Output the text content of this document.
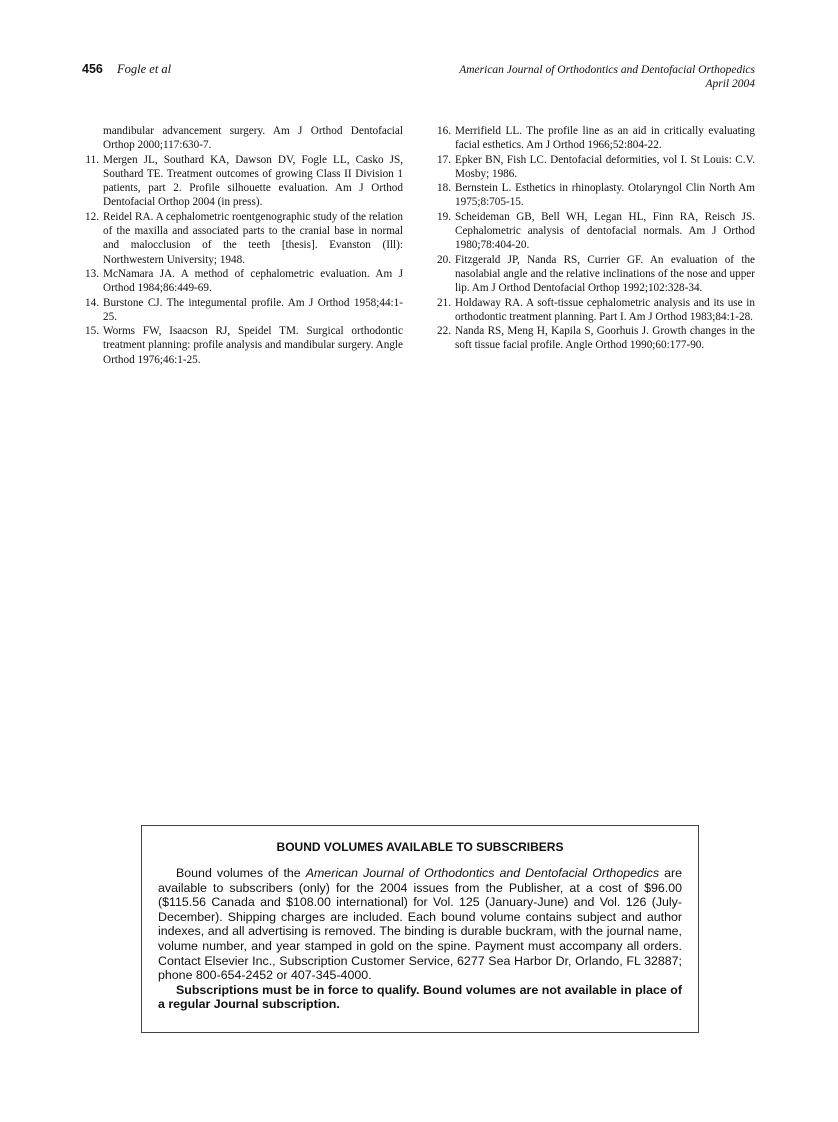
456 Fogle et al	American Journal of Orthodontics and Dentofacial Orthopedics
April 2004

mandibular advancement surgery. Am J Orthod Dentofacial Orthop 2000;117:630-7.

11. Mergen JL, Southard KA, Dawson DV, Fogle LL, Casko JS, Southard TE. Treatment outcomes of growing Class II Division 1 patients, part 2. Profile silhouette evaluation. Am J Orthod Dentofacial Orthop 2004 (in press).

12. Reidel RA. A cephalometric roentgenographic study of the relation of the maxilla and associated parts to the cranial base in normal and malocclusion of the teeth [thesis]. Evanston (Ill): Northwestern University; 1948.

13. McNamara JA. A method of cephalometric evaluation. Am J Orthod 1984;86:449-69.

14. Burstone CJ. The integumental profile. Am J Orthod 1958;44:1-25.

15. Worms FW, Isaacson RJ, Speidel TM. Surgical orthodontic treatment planning: profile analysis and mandibular surgery. Angle Orthod 1976;46:1-25.

16. Merrifield LL. The profile line as an aid in critically evaluating facial esthetics. Am J Orthod 1966;52:804-22.

17. Epker BN, Fish LC. Dentofacial deformities, vol I. St Louis: C.V. Mosby; 1986.

18. Bernstein L. Esthetics in rhinoplasty. Otolaryngol Clin North Am 1975;8:705-15.

19. Scheideman GB, Bell WH, Legan HL, Finn RA, Reisch JS. Cephalometric analysis of dentofacial normals. Am J Orthod 1980;78:404-20.

20. Fitzgerald JP, Nanda RS, Currier GF. An evaluation of the nasolabial angle and the relative inclinations of the nose and upper lip. Am J Orthod Dentofacial Orthop 1992;102:328-34.

21. Holdaway RA. A soft-tissue cephalometric analysis and its use in orthodontic treatment planning. Part I. Am J Orthod 1983;84:1-28.

22. Nanda RS, Meng H, Kapila S, Goorhuis J. Growth changes in the soft tissue facial profile. Angle Orthod 1990;60:177-90.

BOUND VOLUMES AVAILABLE TO SUBSCRIBERS

Bound volumes of the American Journal of Orthodontics and Dentofacial Orthopedics are available to subscribers (only) for the 2004 issues from the Publisher, at a cost of $96.00 ($115.56 Canada and $108.00 international) for Vol. 125 (January-June) and Vol. 126 (July-December). Shipping charges are included. Each bound volume contains subject and author indexes, and all advertising is removed. The binding is durable buckram, with the journal name, volume number, and year stamped in gold on the spine. Payment must accompany all orders. Contact Elsevier Inc., Subscription Customer Service, 6277 Sea Harbor Dr, Orlando, FL 32887; phone 800-654-2452 or 407-345-4000.

Subscriptions must be in force to qualify. Bound volumes are not available in place of a regular Journal subscription.
